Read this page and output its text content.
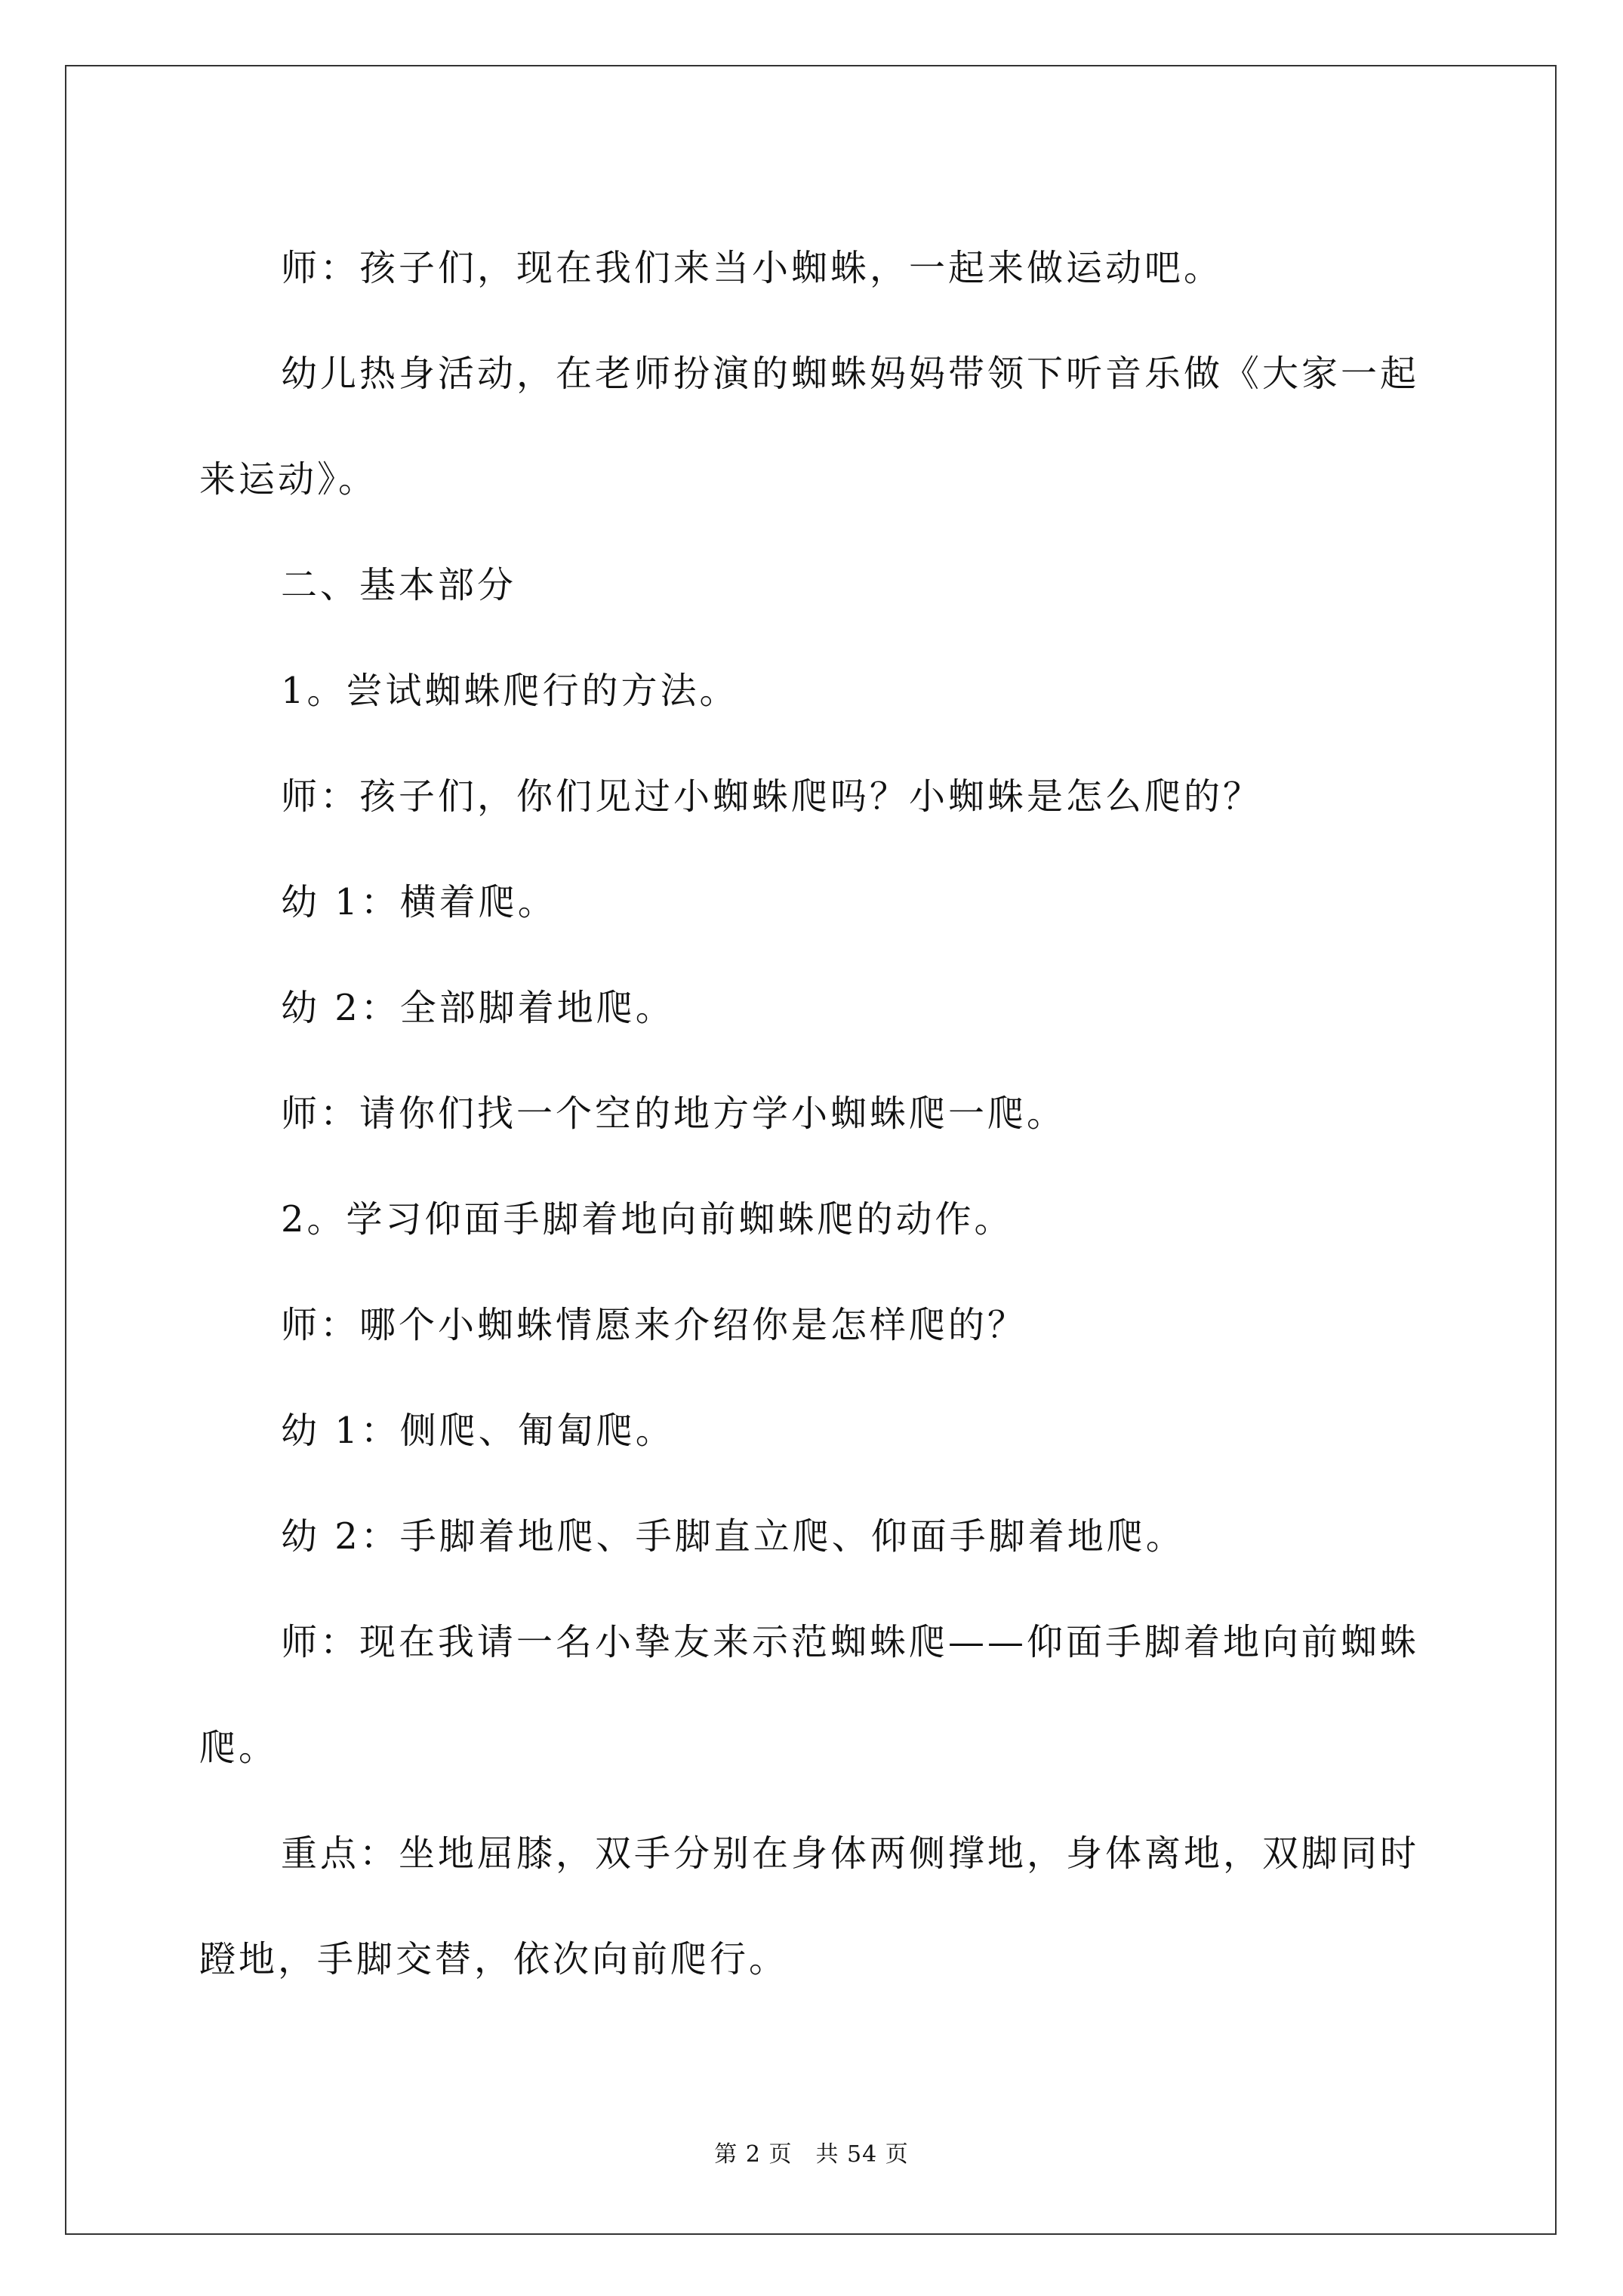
师：孩子们，现在我们来当小蜘蛛，一起来做运动吧。

幼儿热身活动，在老师扮演的蜘蛛妈妈带领下听音乐做《大家一起来运动》。

二、基本部分

1。尝试蜘蛛爬行的方法。

师：孩子们，你们见过小蜘蛛爬吗？小蜘蛛是怎么爬的？

幼 1：横着爬。

幼 2：全部脚着地爬。

师：请你们找一个空的地方学小蜘蛛爬一爬。

2。学习仰面手脚着地向前蜘蛛爬的动作。

师：哪个小蜘蛛情愿来介绍你是怎样爬的？

幼 1：侧爬、匍匐爬。

幼 2：手脚着地爬、手脚直立爬、仰面手脚着地爬。

师：现在我请一名小挚友来示范蜘蛛爬——仰面手脚着地向前蜘蛛爬。

重点：坐地屈膝，双手分别在身体两侧撑地，身体离地，双脚同时蹬地，手脚交替，依次向前爬行。

第 2 页　共 54 页
